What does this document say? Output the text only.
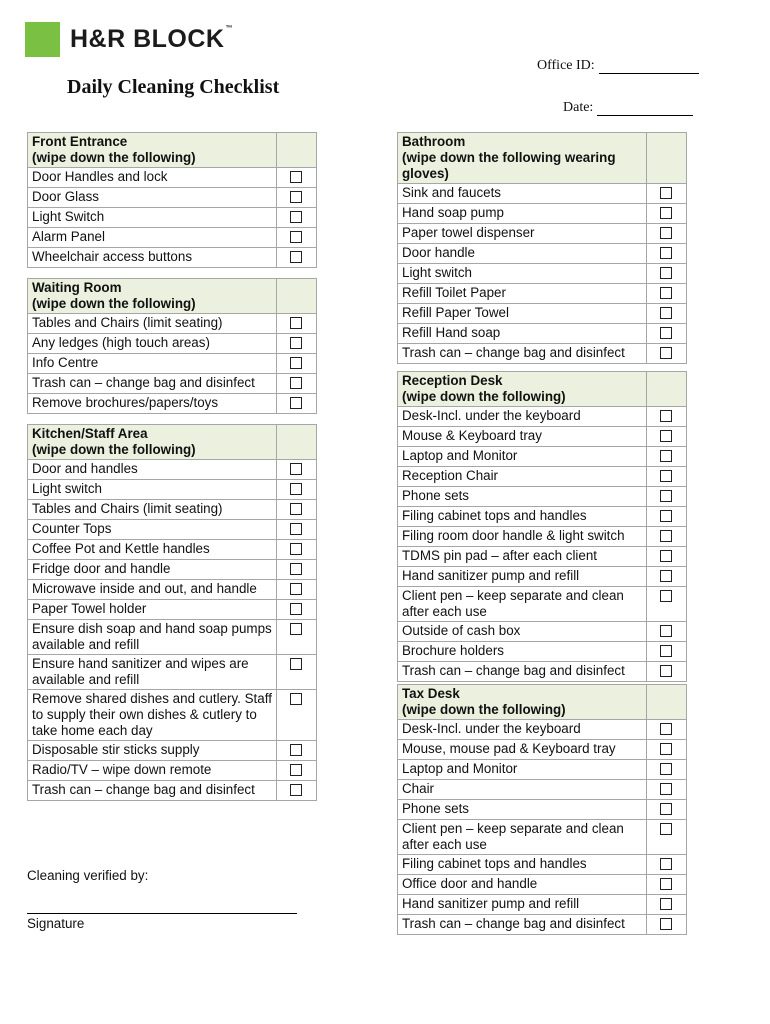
H&R BLOCK™
Office ID:
Daily Cleaning Checklist
Date:
Front Entrance
(wipe down the following)	

Door Handles and lock	
Door Glass	
Light Switch	
Alarm Panel	
Wheelchair access buttons	
Waiting Room
(wipe down the following)	

Tables and Chairs (limit seating)	
Any ledges (high touch areas)	
Info Centre	
Trash can – change bag and disinfect	
Remove brochures/papers/toys	
Kitchen/Staff Area
(wipe down the following)	

Door and handles	
Light switch	
Tables and Chairs (limit seating)	
Counter Tops	
Coffee Pot and Kettle handles	
Fridge door and handle	
Microwave inside and out, and handle	
Paper Towel holder	
Ensure dish soap and hand soap pumps available and refill	
Ensure hand sanitizer and wipes are available and refill	
Remove shared dishes and cutlery. Staff to supply their own dishes & cutlery to take home each day	
Disposable stir sticks supply	
Radio/TV – wipe down remote	
Trash can – change bag and disinfect	
Bathroom
(wipe down the following wearing gloves)	

Sink and faucets	
Hand soap pump	
Paper towel dispenser	
Door handle	
Light switch	
Refill Toilet Paper	
Refill Paper Towel	
Refill Hand soap	
Trash can – change bag and disinfect	
Reception Desk
(wipe down the following)	

Desk-Incl. under the keyboard	
Mouse & Keyboard tray	
Laptop and Monitor	
Reception Chair	
Phone sets	
Filing cabinet tops and handles	
Filing room door handle & light switch	
TDMS pin pad – after each client	
Hand sanitizer pump and refill	
Client pen – keep separate and clean after each use	
Outside of cash box	
Brochure holders	
Trash can – change bag and disinfect	
Tax Desk
(wipe down the following)	

Desk-Incl. under the keyboard	
Mouse, mouse pad & Keyboard tray	
Laptop and Monitor	
Chair	
Phone sets	
Client pen – keep separate and clean after each use	
Filing cabinet tops and handles	
Office door and handle	
Hand sanitizer pump and refill	
Trash can – change bag and disinfect	

Cleaning verified by:

Signature
